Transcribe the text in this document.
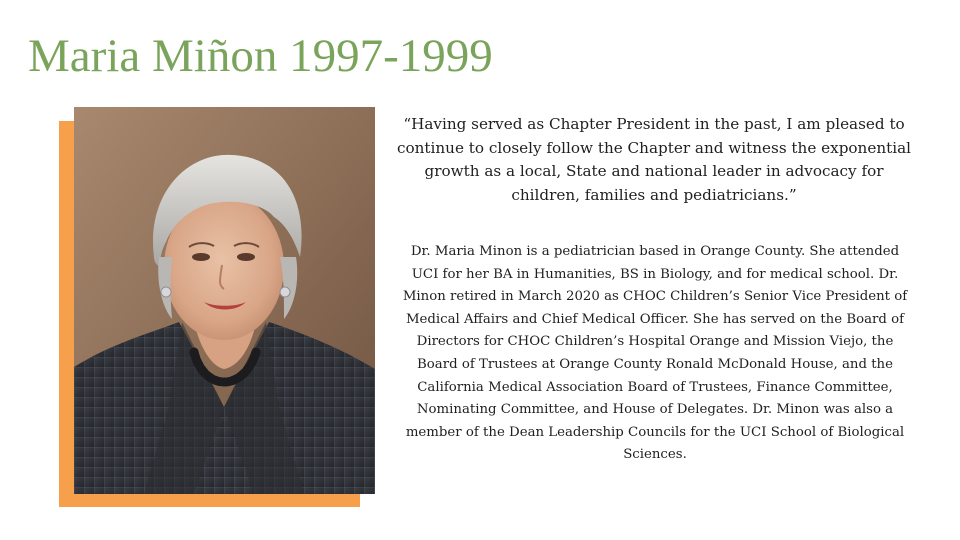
Maria Miñon 1997-1999
“Having served as Chapter President in the past, I am pleased to continue to closely follow the Chapter and witness the exponential growth as a local, State and national leader in advocacy for children, families and pediatricians.”
Dr. Maria Minon is a pediatrician based in Orange County. She attended UCI for her BA in Humanities, BS in Biology, and for medical school. Dr. Minon retired in March 2020 as CHOC Children’s Senior Vice President of Medical Affairs and Chief Medical Officer. She has served on the Board of Directors for CHOC Children’s Hospital Orange and Mission Viejo, the Board of Trustees at Orange County Ronald McDonald House, and the California Medical Association Board of Trustees, Finance Committee, Nominating Committee, and House of Delegates. Dr. Minon was also a member of the Dean Leadership Councils for the UCI School of Biological Sciences.
